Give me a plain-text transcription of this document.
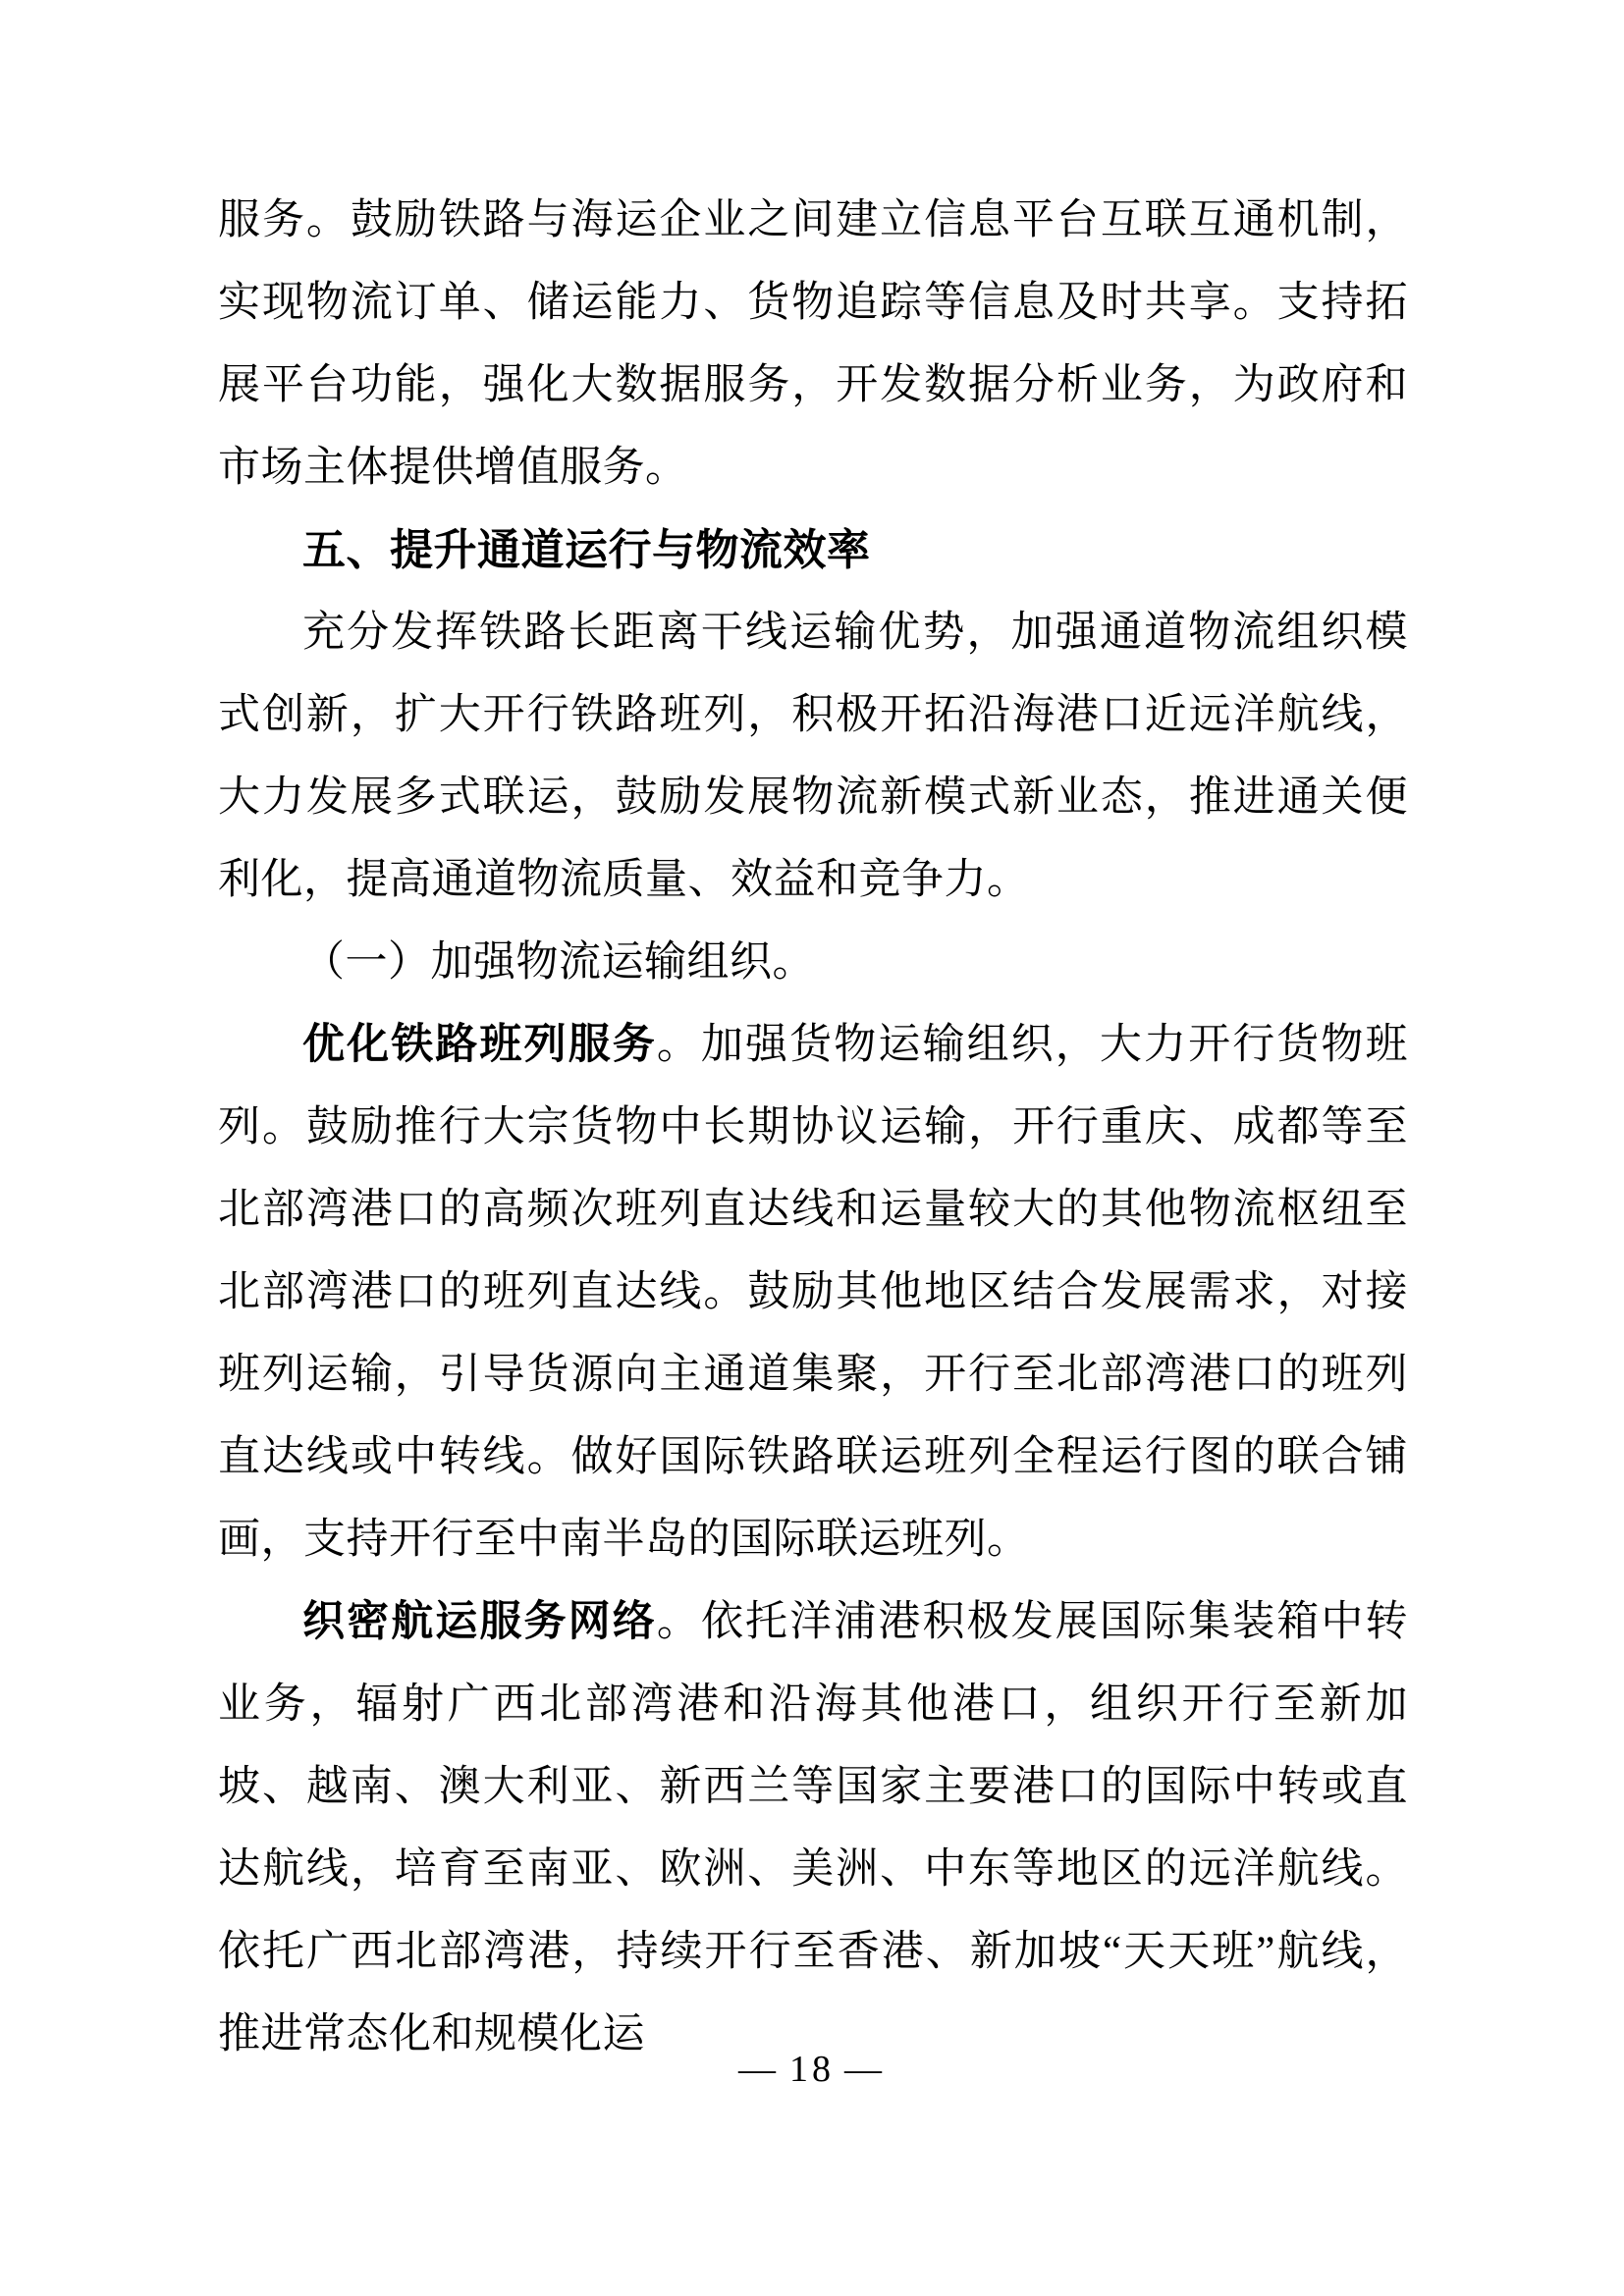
服务。鼓励铁路与海运企业之间建立信息平台互联互通机制，实现物流订单、储运能力、货物追踪等信息及时共享。支持拓展平台功能，强化大数据服务，开发数据分析业务，为政府和市场主体提供增值服务。

五、提升通道运行与物流效率

充分发挥铁路长距离干线运输优势，加强通道物流组织模式创新，扩大开行铁路班列，积极开拓沿海港口近远洋航线，大力发展多式联运，鼓励发展物流新模式新业态，推进通关便利化，提高通道物流质量、效益和竞争力。

（一）加强物流运输组织。

优化铁路班列服务。加强货物运输组织，大力开行货物班列。鼓励推行大宗货物中长期协议运输，开行重庆、成都等至北部湾港口的高频次班列直达线和运量较大的其他物流枢纽至北部湾港口的班列直达线。鼓励其他地区结合发展需求，对接班列运输，引导货源向主通道集聚，开行至北部湾港口的班列直达线或中转线。做好国际铁路联运班列全程运行图的联合铺画，支持开行至中南半岛的国际联运班列。

织密航运服务网络。依托洋浦港积极发展国际集装箱中转业务，辐射广西北部湾港和沿海其他港口，组织开行至新加坡、越南、澳大利亚、新西兰等国家主要港口的国际中转或直达航线，培育至南亚、欧洲、美洲、中东等地区的远洋航线。依托广西北部湾港，持续开行至香港、新加坡“天天班”航线，推进常态化和规模化运

— 18 —
